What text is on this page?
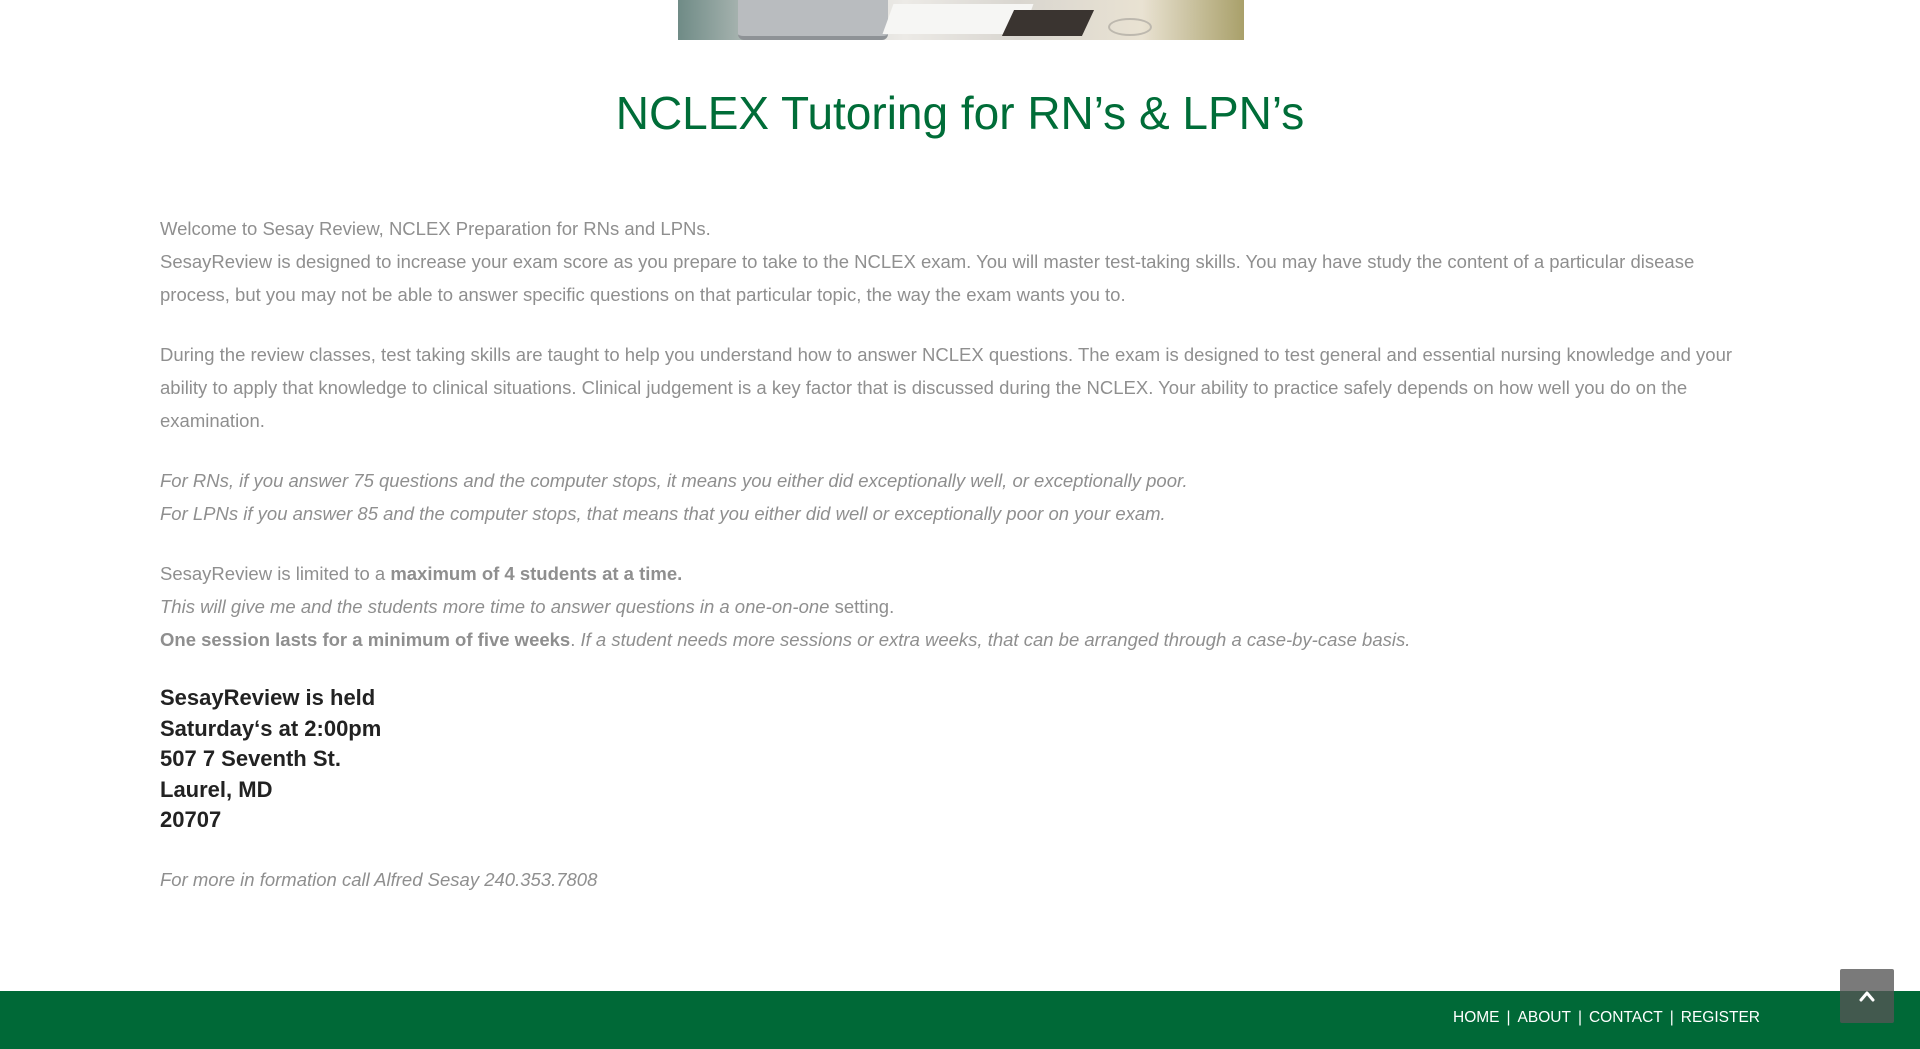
NCLEX Tutoring for RN’s & LPN’s

Welcome to Sesay Review, NCLEX Preparation for RNs and LPNs.
SesayReview is designed to increase your exam score as you prepare to take to the NCLEX exam. You will master test-taking skills. You may have study the content of a particular disease process, but you may not be able to answer specific questions on that particular topic, the way the exam wants you to.

During the review classes, test taking skills are taught to help you understand how to answer NCLEX questions. The exam is designed to test general and essential nursing knowledge and your ability to apply that knowledge to clinical situations. Clinical judgement is a key factor that is discussed during the NCLEX. Your ability to practice safely depends on how well you do on the examination.

For RNs, if you answer 75 questions and the computer stops, it means you either did exceptionally well, or exceptionally poor.
For LPNs if you answer 85 and the computer stops, that means that you either did well or exceptionally poor on your exam.

SesayReview is limited to a maximum of 4 students at a time.
This will give me and the students more time to answer questions in a one-on-one setting.
One session lasts for a minimum of five weeks. If a student needs more sessions or extra weeks, that can be arranged through a case-by-case basis.

SesayReview is held
Saturday‘s at 2:00pm
507 7 Seventh St.
Laurel, MD
20707

For more in formation call Alfred Sesay 240.353.7808

HOME | ABOUT | CONTACT | REGISTER
